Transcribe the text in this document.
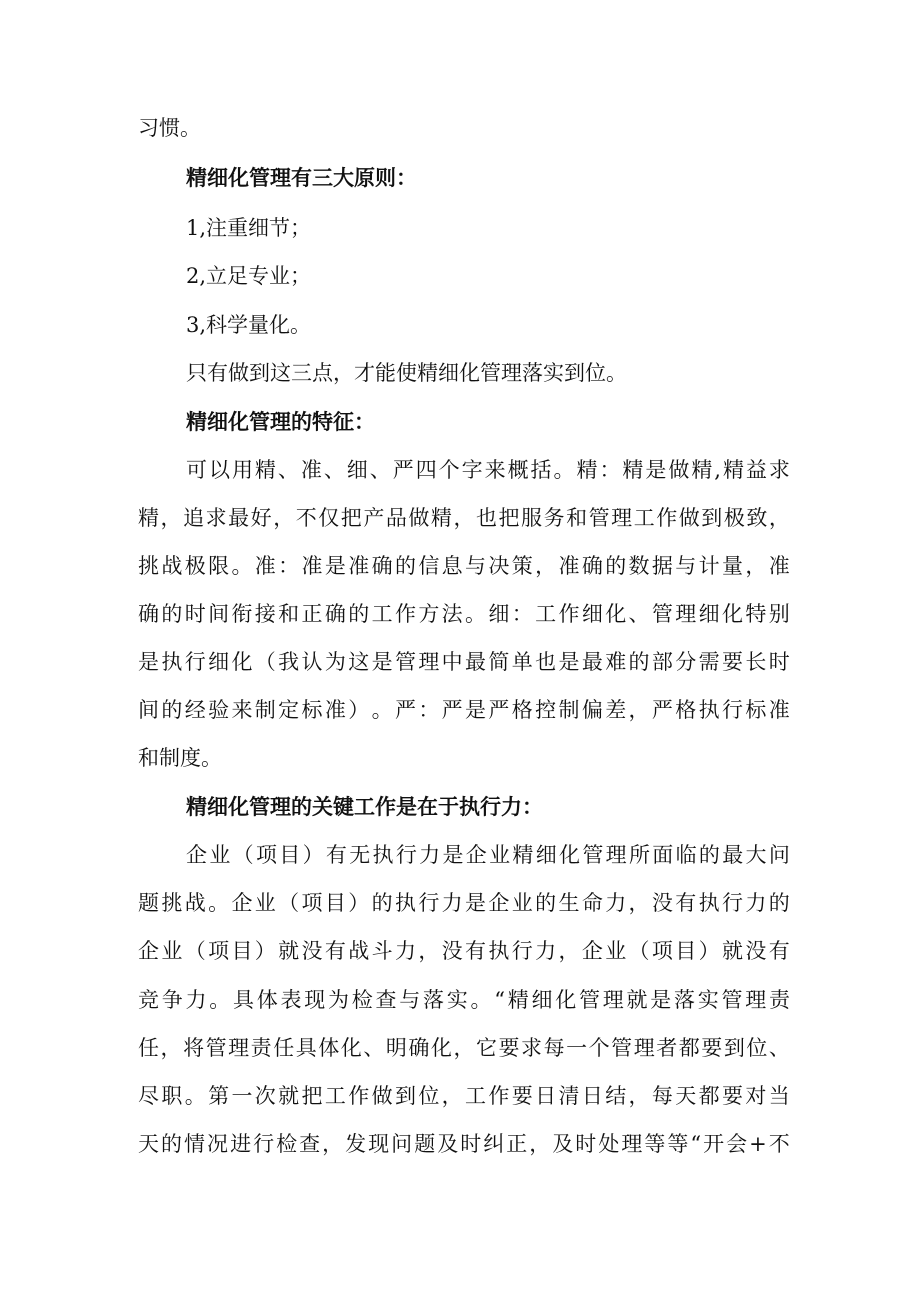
习惯。
精细化管理有三大原则：
1,注重细节；
2,立足专业；
3,科学量化。
只有做到这三点，才能使精细化管理落实到位。
精细化管理的特征：
可 以 用 精 、 准 、 细 、 严 四 个 字 来 概 括 。 精 ： 精 是 做 精 , 精 益 求
精 ， 追 求 最 好 ， 不 仅 把 产 品 做 精 ， 也 把 服 务 和 管 理 工 作 做 到 极 致 ，
挑 战 极 限 。 准 ： 准 是 准 确 的 信 息 与 决 策 ， 准 确 的 数 据 与 计 量 ， 准
确 的 时 间 衔 接 和 正 确 的 工 作 方 法 。 细 ： 工 作 细 化 、 管 理 细 化 特 别
是 执 行 细 化 （ 我 认 为 这 是 管 理 中 最 简 单 也 是 最 难 的 部 分 需 要 长 时
间 的 经 验 来 制 定 标 准 ） 。 严 ： 严 是 严 格 控 制 偏 差 ， 严 格 执 行 标 准
和制度。
精细化管理的关键工作是在于执行力：
企 业 （ 项 目 ） 有 无 执 行 力 是 企 业 精 细 化 管 理 所 面 临 的 最 大 问
题 挑 战 。 企 业 （ 项 目 ） 的 执 行 力 是 企 业 的 生 命 力 ， 没 有 执 行 力 的
企 业 （ 项 目 ） 就 没 有 战 斗 力 ， 没 有 执 行 力 ， 企 业 （ 项 目 ） 就 没 有
竞 争 力 。 具 体 表 现 为 检 查 与 落 实 。 “ 精 细 化 管 理 就 是 落 实 管 理 责
任 ， 将 管 理 责 任 具 体 化 、 明 确 化 ， 它 要 求 每 一 个 管 理 者 都 要 到 位 、
尽 职 。 第 一 次 就 把 工 作 做 到 位 ， 工 作 要 日 清 日 结 ， 每 天 都 要 对 当
天 的 情 况 进 行 检 查 ， 发 现 问 题 及 时 纠 正 ， 及 时 处 理 等 等 “ 开 会 + 不
